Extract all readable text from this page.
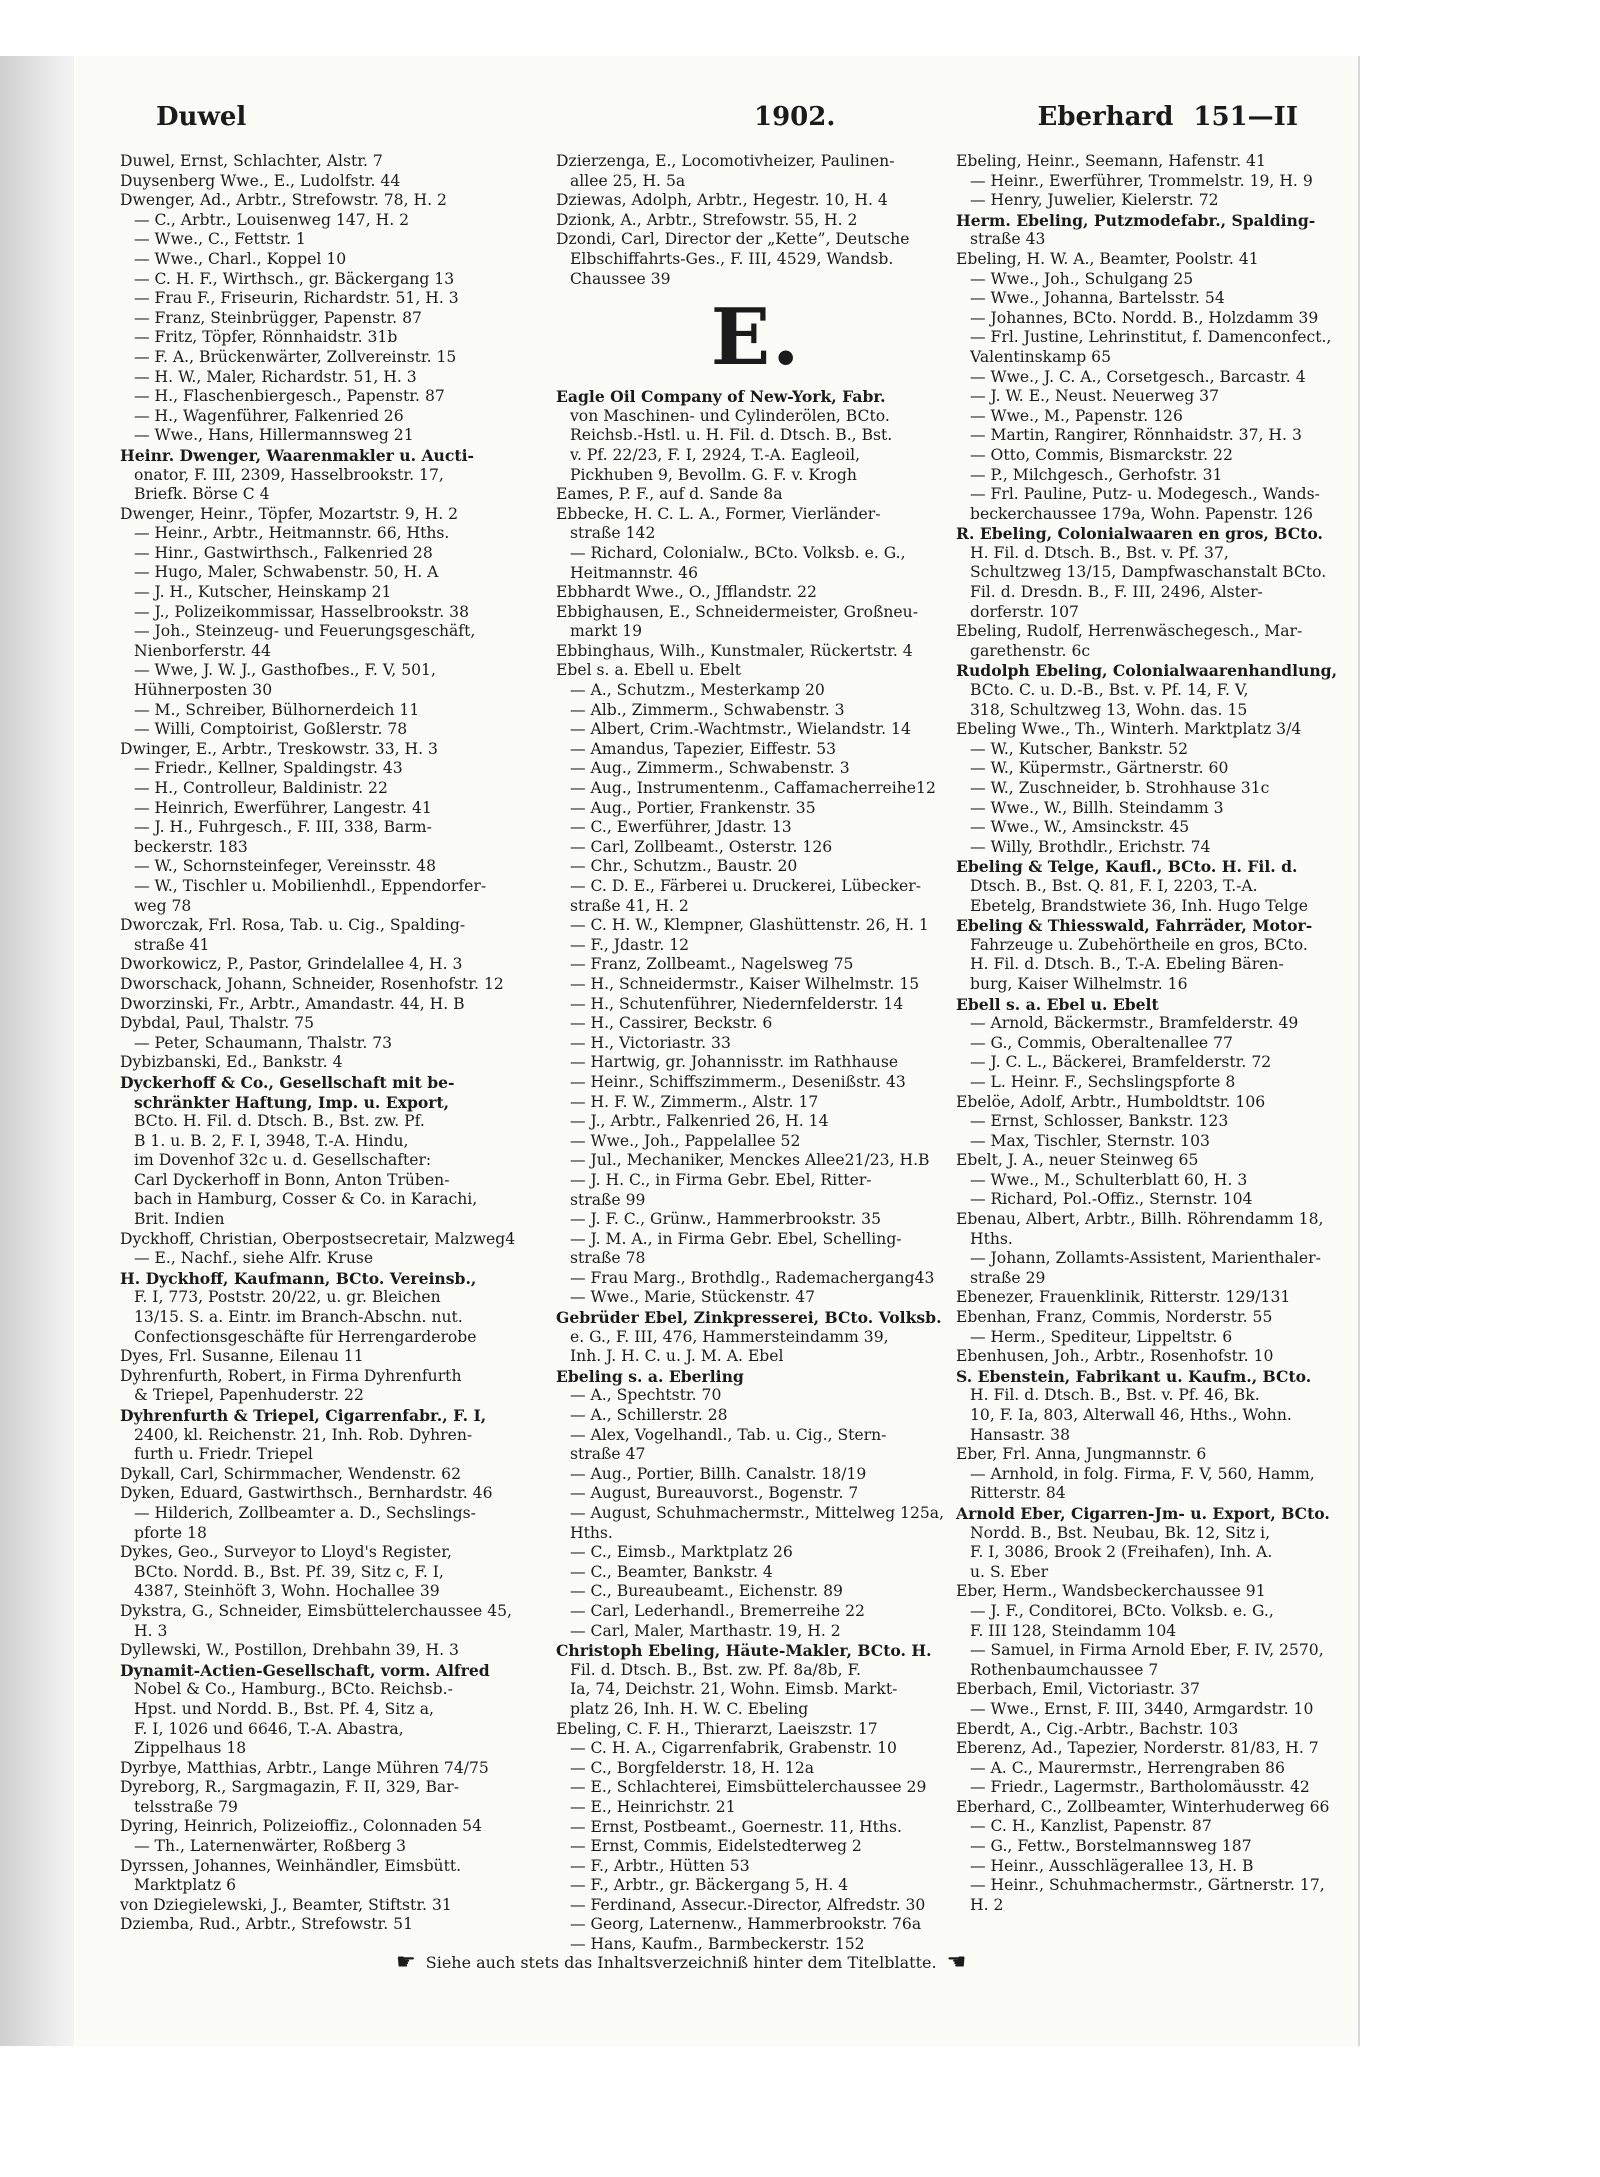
Duwel	1902.	Eberhard 151—II
Duwel, Ernst, Schlachter, Alstr. 7
Duysenberg Wwe., E., Ludolfstr. 44
Dwenger, Ad., Arbtr., Strefowstr. 78, H. 2
— C., Arbtr., Louisenweg 147, H. 2
— Wwe., C., Fettstr. 1
— Wwe., Charl., Koppel 10
— C. H. F., Wirthsch., gr. Bäckergang 13
— Frau F., Friseurin, Richardstr. 51, H. 3
— Franz, Steinbrügger, Papenstr. 87
— Fritz, Töpfer, Rönnhaidstr. 31b
— F. A., Brückenwärter, Zollvereinstr. 15
— H. W., Maler, Richardstr. 51, H. 3
— H., Flaschenbiergesch., Papenstr. 87
— H., Wagenführer, Falkenried 26
— Wwe., Hans, Hillermannsweg 21
Heinr. Dwenger, Waarenmakler u. Aucti-
onator, F. III, 2309, Hasselbrookstr. 17,
Briefk. Börse C 4
Dwenger, Heinr., Töpfer, Mozartstr. 9, H. 2
— Heinr., Arbtr., Heitmannstr. 66, Hths.
— Hinr., Gastwirthsch., Falkenried 28
— Hugo, Maler, Schwabenstr. 50, H. A
— J. H., Kutscher, Heinskamp 21
— J., Polizeikommissar, Hasselbrookstr. 38
— Joh., Steinzeug- und Feuerungsgeschäft,
Nienborferstr. 44
— Wwe, J. W. J., Gasthofbes., F. V, 501,
Hühnerposten 30
— M., Schreiber, Bülhornerdeich 11
— Willi, Comptoirist, Goßlerstr. 78
Dwinger, E., Arbtr., Treskowstr. 33, H. 3
— Friedr., Kellner, Spaldingstr. 43
— H., Controlleur, Baldinistr. 22
— Heinrich, Ewerführer, Langestr. 41
— J. H., Fuhrgesch., F. III, 338, Barm-
beckerstr. 183
— W., Schornsteinfeger, Vereinsstr. 48
— W., Tischler u. Mobilienhdl., Eppendorfer-
weg 78
Dworczak, Frl. Rosa, Tab. u. Cig., Spalding-
straße 41
Dworkowicz, P., Pastor, Grindelallee 4, H. 3
Dworschack, Johann, Schneider, Rosenhofstr. 12
Dworzinski, Fr., Arbtr., Amandastr. 44, H. B
Dybdal, Paul, Thalstr. 75
— Peter, Schaumann, Thalstr. 73
Dybizbanski, Ed., Bankstr. 4
Dyckerhoff & Co., Gesellschaft mit be-
schränkter Haftung, Imp. u. Export,
BCto. H. Fil. d. Dtsch. B., Bst. zw. Pf.
B 1. u. B. 2, F. I, 3948, T.-A. Hindu,
im Dovenhof 32c u. d. Gesellschafter:
Carl Dyckerhoff in Bonn, Anton Trüben-
bach in Hamburg, Cosser & Co. in Karachi,
Brit. Indien
Dyckhoff, Christian, Oberpostsecretair, Malzweg4
— E., Nachf., siehe Alfr. Kruse
H. Dyckhoff, Kaufmann, BCto. Vereinsb.,
F. I, 773, Poststr. 20/22, u. gr. Bleichen
13/15. S. a. Eintr. im Branch-Abschn. nut.
Confectionsgeschäfte für Herrengarderobe
Dyes, Frl. Susanne, Eilenau 11
Dyhrenfurth, Robert, in Firma Dyhrenfurth
& Triepel, Papenhuderstr. 22
Dyhrenfurth & Triepel, Cigarrenfabr., F. I,
2400, kl. Reichenstr. 21, Inh. Rob. Dyhren-
furth u. Friedr. Triepel
Dykall, Carl, Schirmmacher, Wendenstr. 62
Dyken, Eduard, Gastwirthsch., Bernhardstr. 46
— Hilderich, Zollbeamter a. D., Sechslings-
pforte 18
Dykes, Geo., Surveyor to Lloyd's Register,
BCto. Nordd. B., Bst. Pf. 39, Sitz c, F. I,
4387, Steinhöft 3, Wohn. Hochallee 39
Dykstra, G., Schneider, Eimsbüttelerchaussee 45,
H. 3
Dyllewski, W., Postillon, Drehbahn 39, H. 3
Dynamit-Actien-Gesellschaft, vorm. Alfred
Nobel & Co., Hamburg., BCto. Reichsb.-
Hpst. und Nordd. B., Bst. Pf. 4, Sitz a,
F. I, 1026 und 6646, T.-A. Abastra,
Zippelhaus 18
Dyrbye, Matthias, Arbtr., Lange Mühren 74/75
Dyreborg, R., Sargmagazin, F. II, 329, Bar-
telsstraße 79
Dyring, Heinrich, Polizeioffiz., Colonnaden 54
— Th., Laternenwärter, Roßberg 3
Dyrssen, Johannes, Weinhändler, Eimsbütt.
Marktplatz 6
von Dziegielewski, J., Beamter, Stiftstr. 31
Dziemba, Rud., Arbtr., Strefowstr. 51
Dzierzenga, E., Locomotivheizer, Paulinen-
allee 25, H. 5a
Dziewas, Adolph, Arbtr., Hegestr. 10, H. 4
Dzionk, A., Arbtr., Strefowstr. 55, H. 2
Dzondi, Carl, Director der „Kette”, Deutsche
Elbschiffahrts-Ges., F. III, 4529, Wandsb.
Chaussee 39
E.
Eagle Oil Company of New-York, Fabr.
von Maschinen- und Cylinderölen, BCto.
Reichsb.-Hstl. u. H. Fil. d. Dtsch. B., Bst.
v. Pf. 22/23, F. I, 2924, T.-A. Eagleoil,
Pickhuben 9, Bevollm. G. F. v. Krogh
Eames, P. F., auf d. Sande 8a
Ebbecke, H. C. L. A., Former, Vierländer-
straße 142
— Richard, Colonialw., BCto. Volksb. e. G.,
Heitmannstr. 46
Ebbhardt Wwe., O., Jfflandstr. 22
Ebbighausen, E., Schneidermeister, Großneu-
markt 19
Ebbinghaus, Wilh., Kunstmaler, Rückertstr. 4
Ebel s. a. Ebell u. Ebelt
— A., Schutzm., Mesterkamp 20
— Alb., Zimmerm., Schwabenstr. 3
— Albert, Crim.-Wachtmstr., Wielandstr. 14
— Amandus, Tapezier, Eiffestr. 53
— Aug., Zimmerm., Schwabenstr. 3
— Aug., Instrumentenm., Caffamacherreihe12
— Aug., Portier, Frankenstr. 35
— C., Ewerführer, Jdastr. 13
— Carl, Zollbeamt., Osterstr. 126
— Chr., Schutzm., Baustr. 20
— C. D. E., Färberei u. Druckerei, Lübecker-
straße 41, H. 2
— C. H. W., Klempner, Glashüttenstr. 26, H. 1
— F., Jdastr. 12
— Franz, Zollbeamt., Nagelsweg 75
— H., Schneidermstr., Kaiser Wilhelmstr. 15
— H., Schutenführer, Niedernfelderstr. 14
— H., Cassirer, Beckstr. 6
— H., Victoriastr. 33
— Hartwig, gr. Johannisstr. im Rathhause
— Heinr., Schiffszimmerm., Desenißstr. 43
— H. F. W., Zimmerm., Alstr. 17
— J., Arbtr., Falkenried 26, H. 14
— Wwe., Joh., Pappelallee 52
— Jul., Mechaniker, Menckes Allee21/23, H.B
— J. H. C., in Firma Gebr. Ebel, Ritter-
straße 99
— J. F. C., Grünw., Hammerbrookstr. 35
— J. M. A., in Firma Gebr. Ebel, Schelling-
straße 78
— Frau Marg., Brothdlg., Rademachergang43
— Wwe., Marie, Stückenstr. 47
Gebrüder Ebel, Zinkpresserei, BCto. Volksb.
e. G., F. III, 476, Hammersteindamm 39,
Inh. J. H. C. u. J. M. A. Ebel
Ebeling s. a. Eberling
— A., Spechtstr. 70
— A., Schillerstr. 28
— Alex, Vogelhandl., Tab. u. Cig., Stern-
straße 47
— Aug., Portier, Billh. Canalstr. 18/19
— August, Bureauvorst., Bogenstr. 7
— August, Schuhmachermstr., Mittelweg 125a,
Hths.
— C., Eimsb., Marktplatz 26
— C., Beamter, Bankstr. 4
— C., Bureaubeamt., Eichenstr. 89
— Carl, Lederhandl., Bremerreihe 22
— Carl, Maler, Marthastr. 19, H. 2
Christoph Ebeling, Häute-Makler, BCto. H.
Fil. d. Dtsch. B., Bst. zw. Pf. 8a/8b, F.
Ia, 74, Deichstr. 21, Wohn. Eimsb. Markt-
platz 26, Inh. H. W. C. Ebeling
Ebeling, C. F. H., Thierarzt, Laeiszstr. 17
— C. H. A., Cigarrenfabrik, Grabenstr. 10
— C., Borgfelderstr. 18, H. 12a
— E., Schlachterei, Eimsbüttelerchaussee 29
— E., Heinrichstr. 21
— Ernst, Postbeamt., Goernestr. 11, Hths.
— Ernst, Commis, Eidelstedterweg 2
— F., Arbtr., Hütten 53
— F., Arbtr., gr. Bäckergang 5, H. 4
— Ferdinand, Assecur.-Director, Alfredstr. 30
— Georg, Laternenw., Hammerbrookstr. 76a
— Hans, Kaufm., Barmbeckerstr. 152
Ebeling, Heinr., Seemann, Hafenstr. 41
— Heinr., Ewerführer, Trommelstr. 19, H. 9
— Henry, Juwelier, Kielerstr. 72
Herm. Ebeling, Putzmodefabr., Spalding-
straße 43
Ebeling, H. W. A., Beamter, Poolstr. 41
— Wwe., Joh., Schulgang 25
— Wwe., Johanna, Bartelsstr. 54
— Johannes, BCto. Nordd. B., Holzdamm 39
— Frl. Justine, Lehrinstitut, f. Damenconfect.,
Valentinskamp 65
— Wwe., J. C. A., Corsetgesch., Barcastr. 4
— J. W. E., Neust. Neuerweg 37
— Wwe., M., Papenstr. 126
— Martin, Rangirer, Rönnhaidstr. 37, H. 3
— Otto, Commis, Bismarckstr. 22
— P., Milchgesch., Gerhofstr. 31
— Frl. Pauline, Putz- u. Modegesch., Wands-
beckerchaussee 179a, Wohn. Papenstr. 126
R. Ebeling, Colonialwaaren en gros, BCto.
H. Fil. d. Dtsch. B., Bst. v. Pf. 37,
Schultzweg 13/15, Dampfwaschanstalt BCto.
Fil. d. Dresdn. B., F. III, 2496, Alster-
dorferstr. 107
Ebeling, Rudolf, Herrenwäschegesch., Mar-
garethenstr. 6c
Rudolph Ebeling, Colonialwaarenhandlung,
BCto. C. u. D.-B., Bst. v. Pf. 14, F. V,
318, Schultzweg 13, Wohn. das. 15
Ebeling Wwe., Th., Winterh. Marktplatz 3/4
— W., Kutscher, Bankstr. 52
— W., Küpermstr., Gärtnerstr. 60
— W., Zuschneider, b. Strohhause 31c
— Wwe., W., Billh. Steindamm 3
— Wwe., W., Amsinckstr. 45
— Willy, Brothdlr., Erichstr. 74
Ebeling & Telge, Kaufl., BCto. H. Fil. d.
Dtsch. B., Bst. Q. 81, F. I, 2203, T.-A.
Ebetelg, Brandstwiete 36, Inh. Hugo Telge
Ebeling & Thiesswald, Fahrräder, Motor-
Fahrzeuge u. Zubehörtheile en gros, BCto.
H. Fil. d. Dtsch. B., T.-A. Ebeling Bären-
burg, Kaiser Wilhelmstr. 16
Ebell s. a. Ebel u. Ebelt
— Arnold, Bäckermstr., Bramfelderstr. 49
— G., Commis, Oberaltenallee 77
— J. C. L., Bäckerei, Bramfelderstr. 72
— L. Heinr. F., Sechslingspforte 8
Ebelöe, Adolf, Arbtr., Humboldtstr. 106
— Ernst, Schlosser, Bankstr. 123
— Max, Tischler, Sternstr. 103
Ebelt, J. A., neuer Steinweg 65
— Wwe., M., Schulterblatt 60, H. 3
— Richard, Pol.-Offiz., Sternstr. 104
Ebenau, Albert, Arbtr., Billh. Röhrendamm 18,
Hths.
— Johann, Zollamts-Assistent, Marienthaler-
straße 29
Ebenezer, Frauenklinik, Ritterstr. 129/131
Ebenhan, Franz, Commis, Norderstr. 55
— Herm., Spediteur, Lippeltstr. 6
Ebenhusen, Joh., Arbtr., Rosenhofstr. 10
S. Ebenstein, Fabrikant u. Kaufm., BCto.
H. Fil. d. Dtsch. B., Bst. v. Pf. 46, Bk.
10, F. Ia, 803, Alterwall 46, Hths., Wohn.
Hansastr. 38
Eber, Frl. Anna, Jungmannstr. 6
— Arnhold, in folg. Firma, F. V, 560, Hamm,
Ritterstr. 84
Arnold Eber, Cigarren-Jm- u. Export, BCto.
Nordd. B., Bst. Neubau, Bk. 12, Sitz i,
F. I, 3086, Brook 2 (Freihafen), Inh. A.
u. S. Eber
Eber, Herm., Wandsbeckerchaussee 91
— J. F., Conditorei, BCto. Volksb. e. G.,
F. III 128, Steindamm 104
— Samuel, in Firma Arnold Eber, F. IV, 2570,
Rothenbaumchaussee 7
Eberbach, Emil, Victoriastr. 37
— Wwe., Ernst, F. III, 3440, Armgardstr. 10
Eberdt, A., Cig.-Arbtr., Bachstr. 103
Eberenz, Ad., Tapezier, Norderstr. 81/83, H. 7
— A. C., Maurermstr., Herrengraben 86
— Friedr., Lagermstr., Bartholomäusstr. 42
Eberhard, C., Zollbeamter, Winterhuderweg 66
— C. H., Kanzlist, Papenstr. 87
— G., Fettw., Borstelmannsweg 187
— Heinr., Ausschlägerallee 13, H. B
— Heinr., Schuhmachermstr., Gärtnerstr. 17,
H. 2
☛ Siehe auch stets das Inhaltsverzeichniß hinter dem Titelblatte. ☚
